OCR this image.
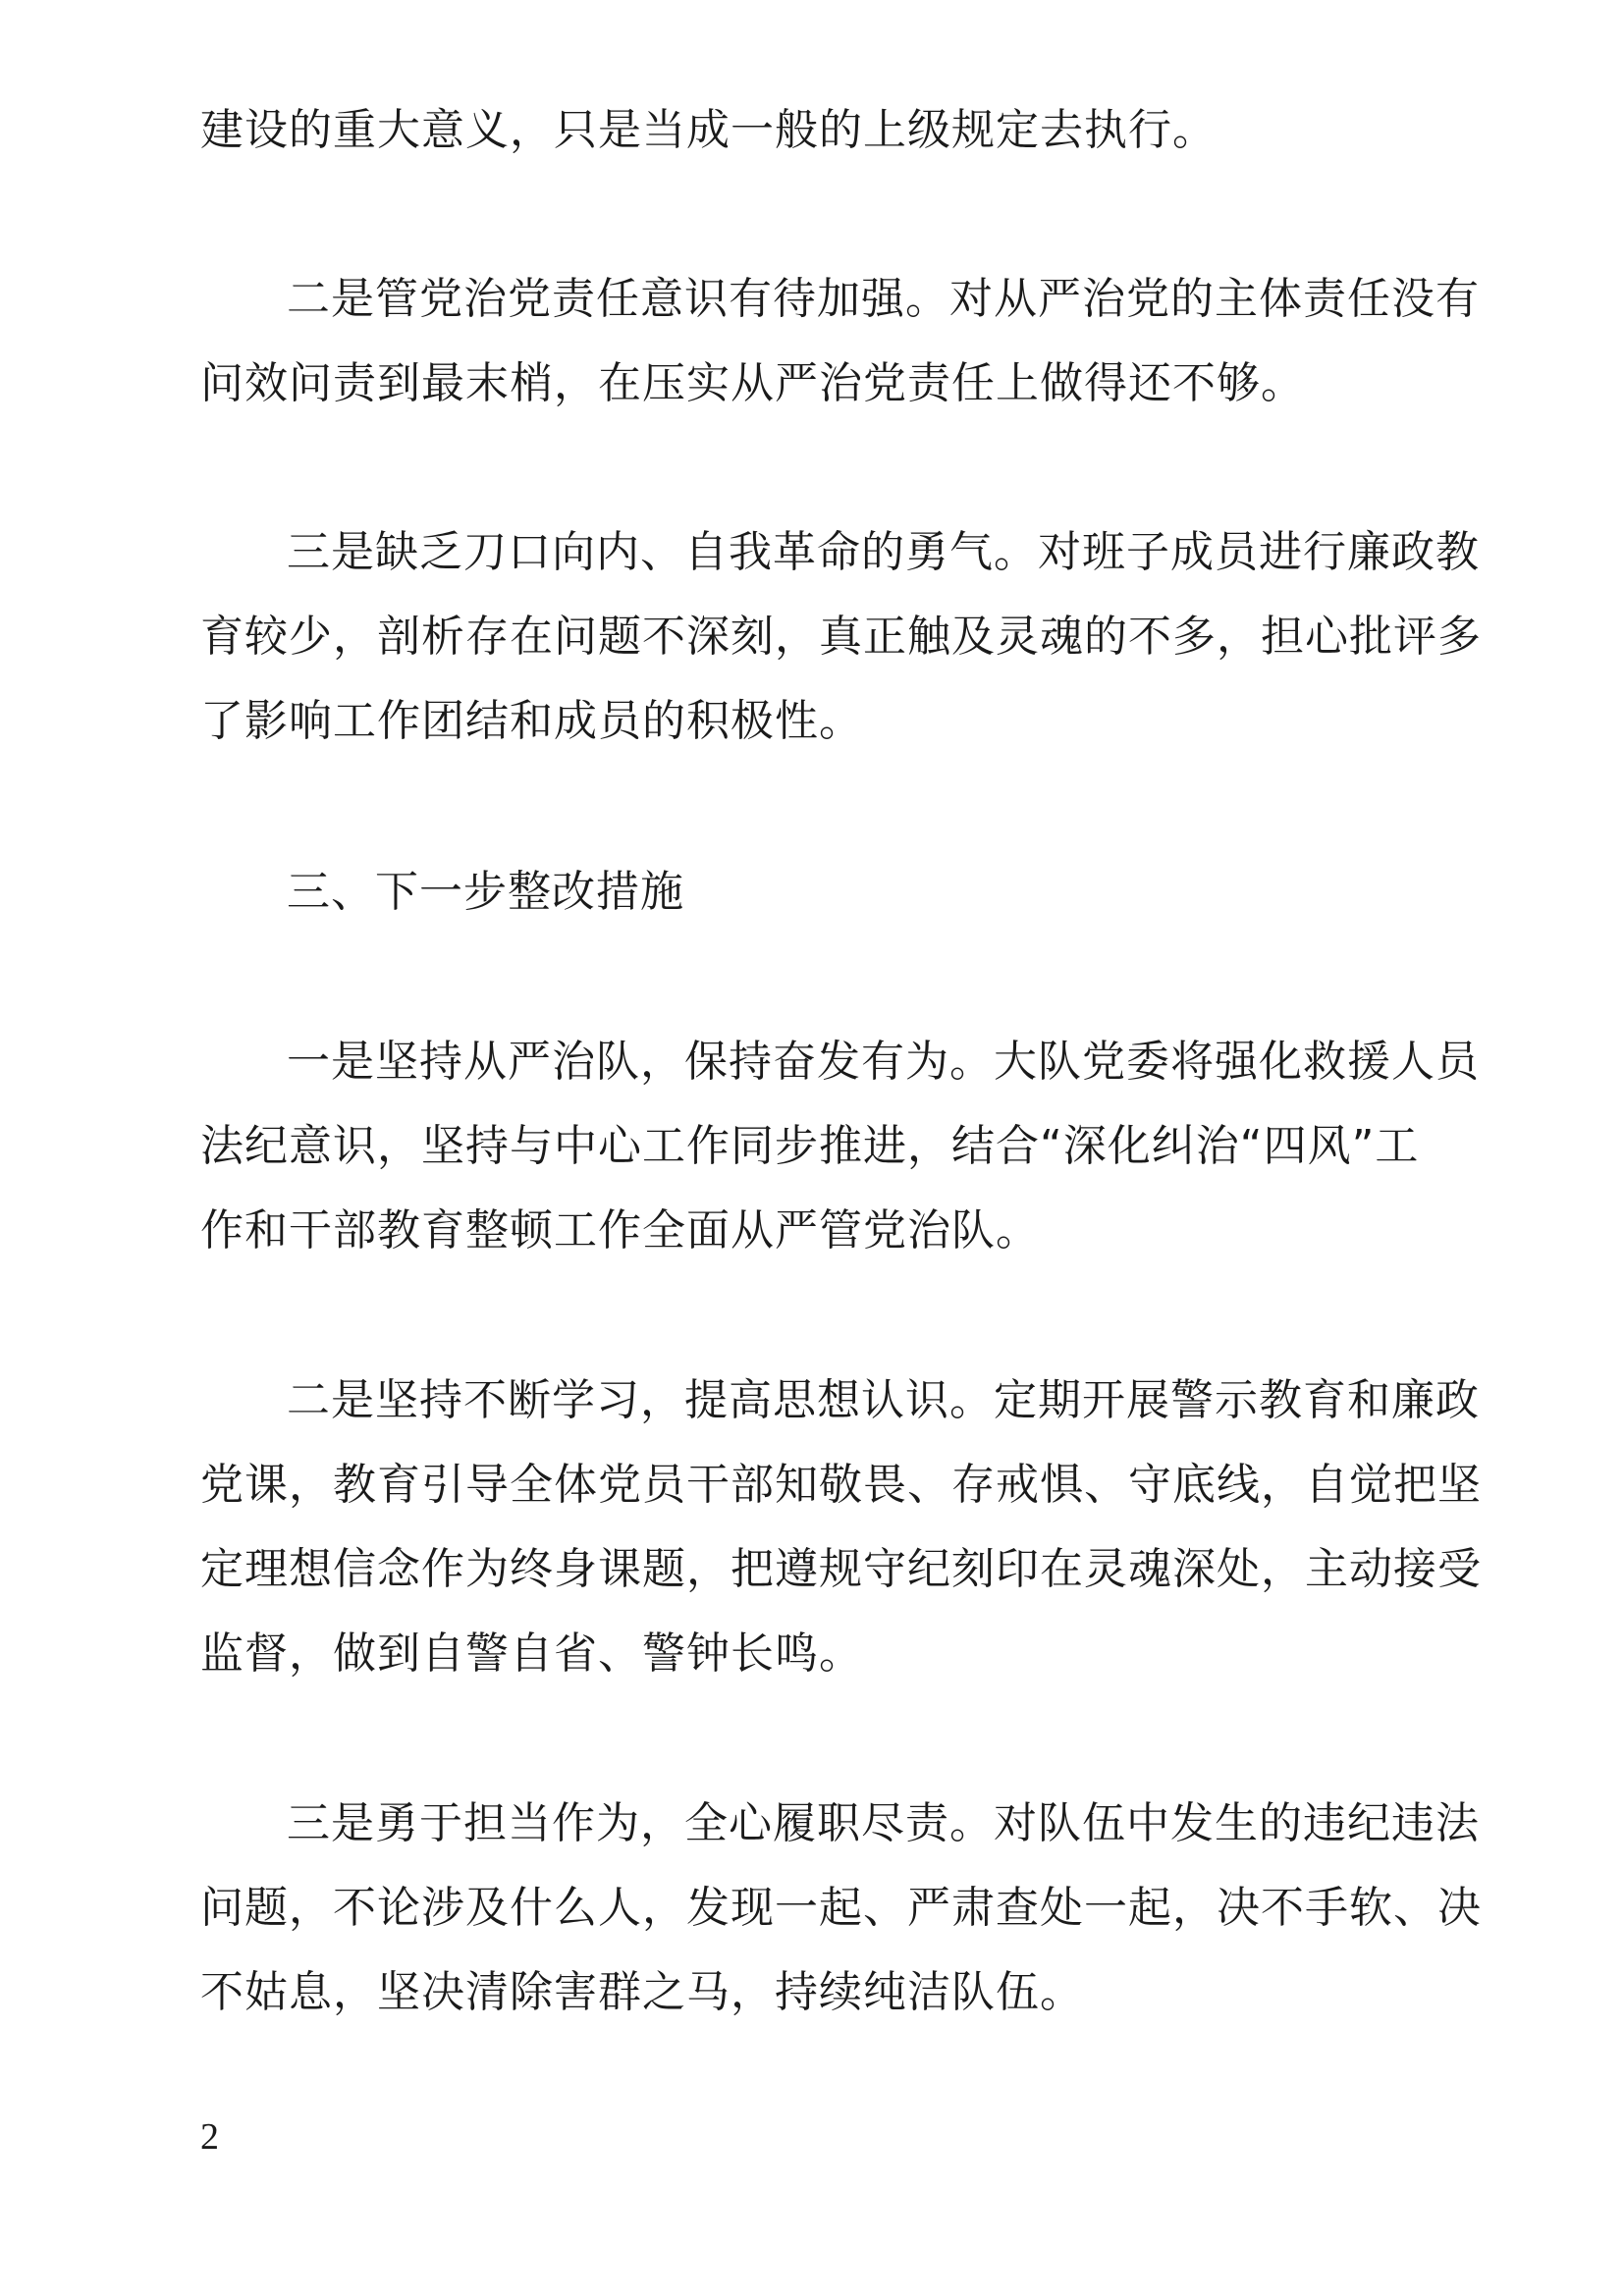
建设的重大意义，只是当成一般的上级规定去执行。

二是管党治党责任意识有待加强。对从严治党的主体责任没有
问效问责到最末梢，在压实从严治党责任上做得还不够。

三是缺乏刀口向内、自我革命的勇气。对班子成员进行廉政教
育较少，剖析存在问题不深刻，真正触及灵魂的不多，担心批评多
了影响工作团结和成员的积极性。

三、下一步整改措施

一是坚持从严治队，保持奋发有为。大队党委将强化救援人员
法纪意识，坚持与中心工作同步推进，结合“深化纠治“四风”工
作和干部教育整顿工作全面从严管党治队。

二是坚持不断学习，提高思想认识。定期开展警示教育和廉政
党课，教育引导全体党员干部知敬畏、存戒惧、守底线，自觉把坚
定理想信念作为终身课题，把遵规守纪刻印在灵魂深处，主动接受
监督，做到自警自省、警钟长鸣。

三是勇于担当作为，全心履职尽责。对队伍中发生的违纪违法
问题，不论涉及什么人，发现一起、严肃查处一起，决不手软、决
不姑息，坚决清除害群之马，持续纯洁队伍。

2
